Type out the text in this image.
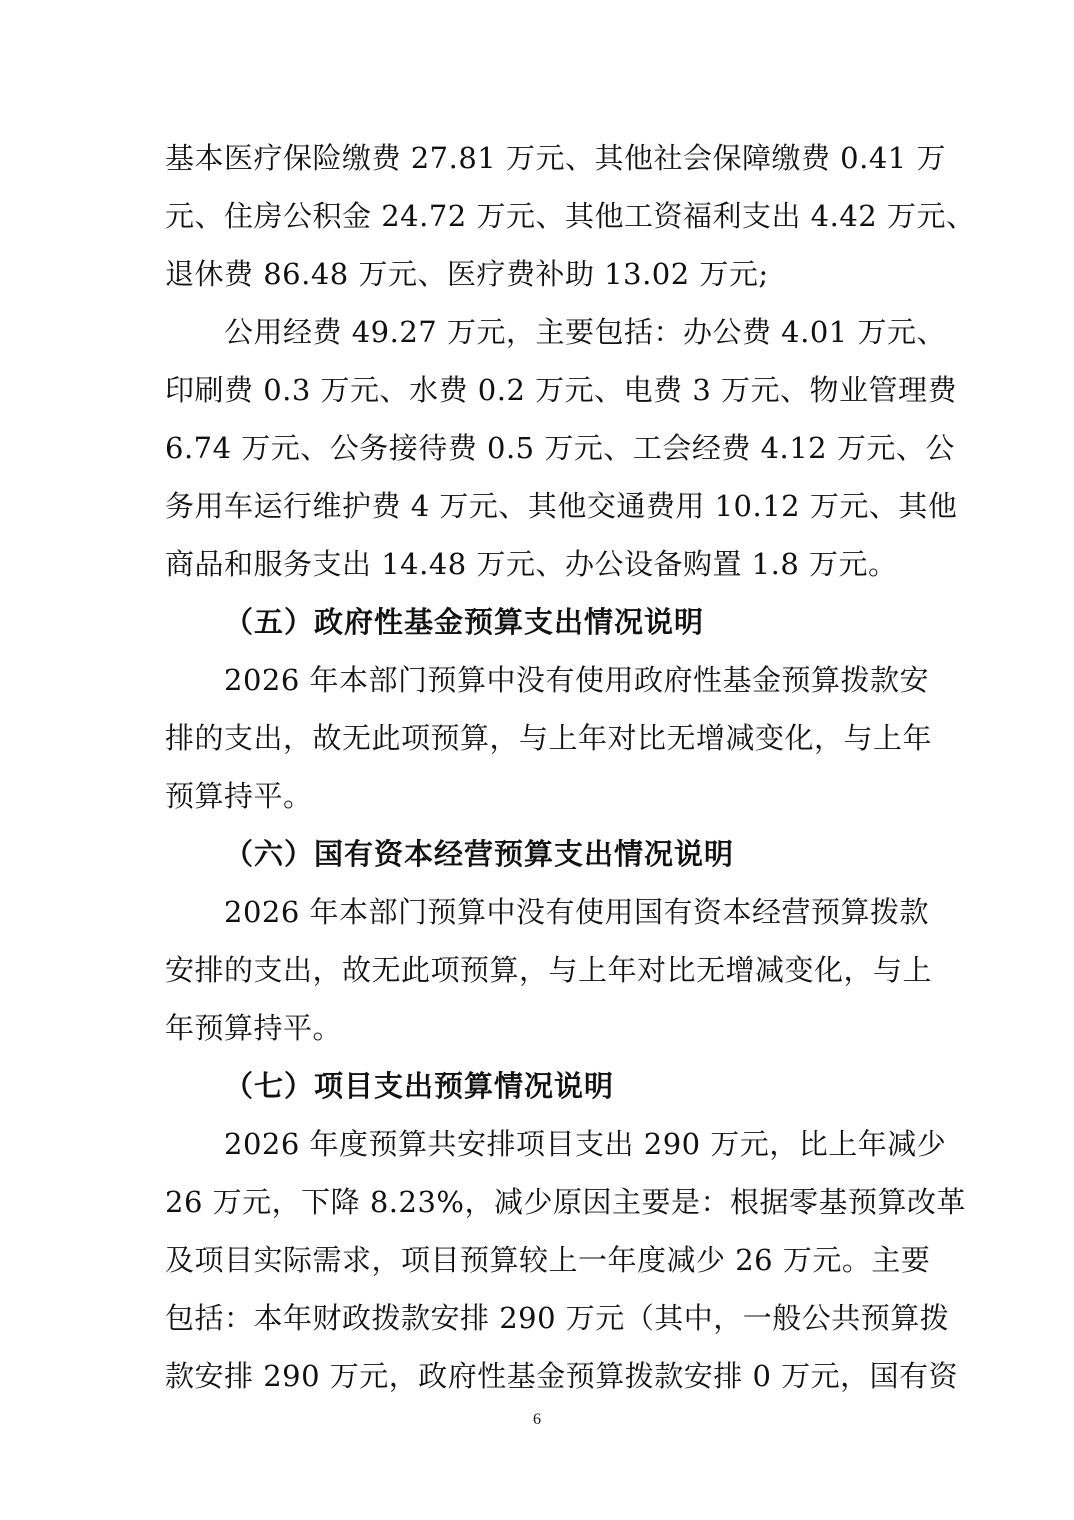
基本医疗保险缴费 27.81 万元、其他社会保障缴费 0.41 万
元、住房公积金 24.72 万元、其他工资福利支出 4.42 万元、
退休费 86.48 万元、医疗费补助 13.02 万元;
公用经费 49.27 万元，主要包括：办公费 4.01 万元、
印刷费 0.3 万元、水费 0.2 万元、电费 3 万元、物业管理费
6.74 万元、公务接待费 0.5 万元、工会经费 4.12 万元、公
务用车运行维护费 4 万元、其他交通费用 10.12 万元、其他
商品和服务支出 14.48 万元、办公设备购置 1.8 万元。
（五）政府性基金预算支出情况说明
2026 年本部门预算中没有使用政府性基金预算拨款安
排的支出，故无此项预算，与上年对比无增减变化，与上年
预算持平。
（六）国有资本经营预算支出情况说明
2026 年本部门预算中没有使用国有资本经营预算拨款
安排的支出，故无此项预算，与上年对比无增减变化，与上
年预算持平。
（七）项目支出预算情况说明
2026 年度预算共安排项目支出 290 万元，比上年减少
26 万元，下降 8.23%，减少原因主要是：根据零基预算改革
及项目实际需求，项目预算较上一年度减少 26 万元。主要
包括：本年财政拨款安排 290 万元（其中，一般公共预算拨
款安排 290 万元，政府性基金预算拨款安排 0 万元，国有资
6
